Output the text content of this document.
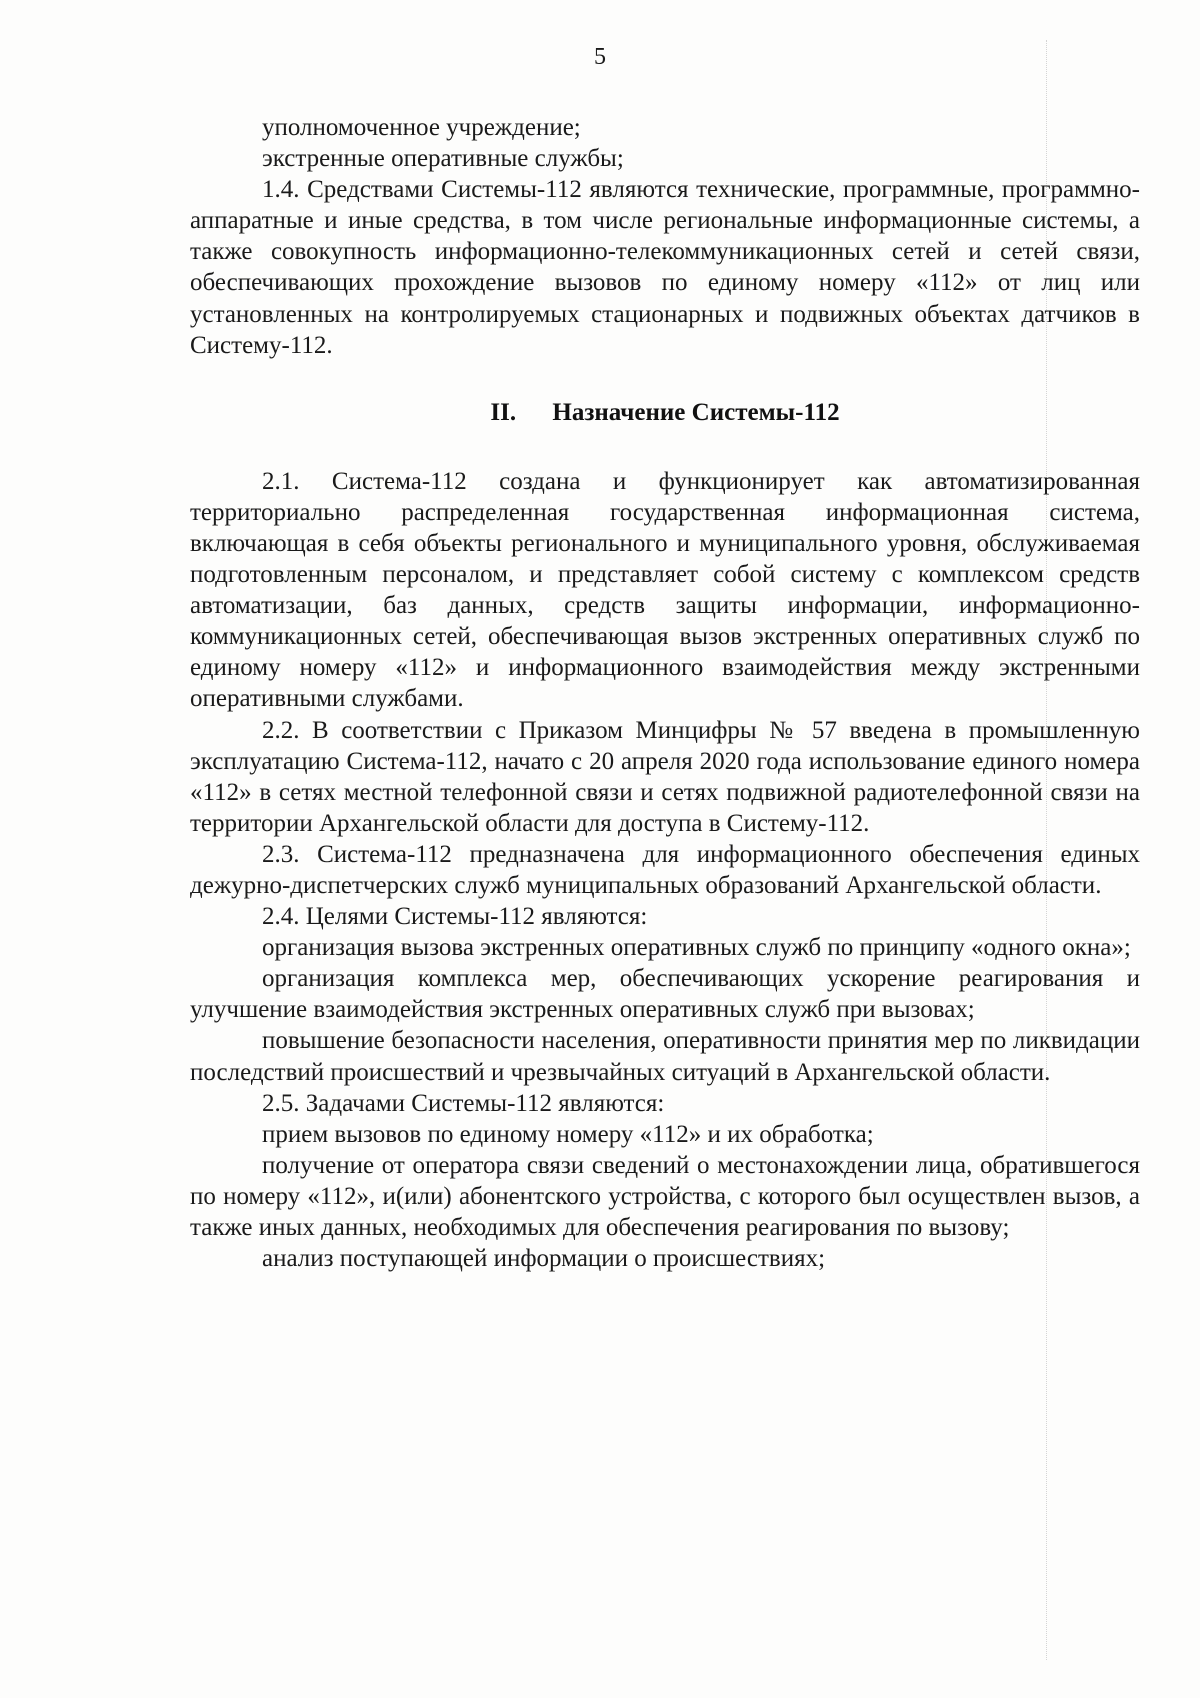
5

уполномоченное учреждение;

экстренные оперативные службы;

1.4. Средствами Системы-112 являются технические, программные, программно-аппаратные и иные средства, в том числе региональные информационные системы, а также совокупность информационно-телекоммуникационных сетей и сетей связи, обеспечивающих прохождение вызовов по единому номеру «112» от лиц или установленных на контролируемых стационарных и подвижных объектах датчиков в Систему-112.

II. Назначение Системы-112

2.1. Система-112 создана и функционирует как автоматизированная территориально распределенная государственная информационная система, включающая в себя объекты регионального и муниципального уровня, обслуживаемая подготовленным персоналом, и представляет собой систему с комплексом средств автоматизации, баз данных, средств защиты информации, информационно-коммуникационных сетей, обеспечивающая вызов экстренных оперативных служб по единому номеру «112» и информационного взаимодействия между экстренными оперативными службами.

2.2. В соответствии с Приказом Минцифры № 57 введена в промышленную эксплуатацию Система-112, начато с 20 апреля 2020 года использование единого номера «112» в сетях местной телефонной связи и сетях подвижной радиотелефонной связи на территории Архангельской области для доступа в Систему-112.

2.3. Система-112 предназначена для информационного обеспечения единых дежурно-диспетчерских служб муниципальных образований Архангельской области.

2.4. Целями Системы-112 являются:

организация вызова экстренных оперативных служб по принципу «одного окна»;

организация комплекса мер, обеспечивающих ускорение реагирования и улучшение взаимодействия экстренных оперативных служб при вызовах;

повышение безопасности населения, оперативности принятия мер по ликвидации последствий происшествий и чрезвычайных ситуаций в Архангельской области.

2.5. Задачами Системы-112 являются:

прием вызовов по единому номеру «112» и их обработка;

получение от оператора связи сведений о местонахождении лица, обратившегося по номеру «112», и(или) абонентского устройства, с которого был осуществлен вызов, а также иных данных, необходимых для обеспечения реагирования по вызову;

анализ поступающей информации о происшествиях;
